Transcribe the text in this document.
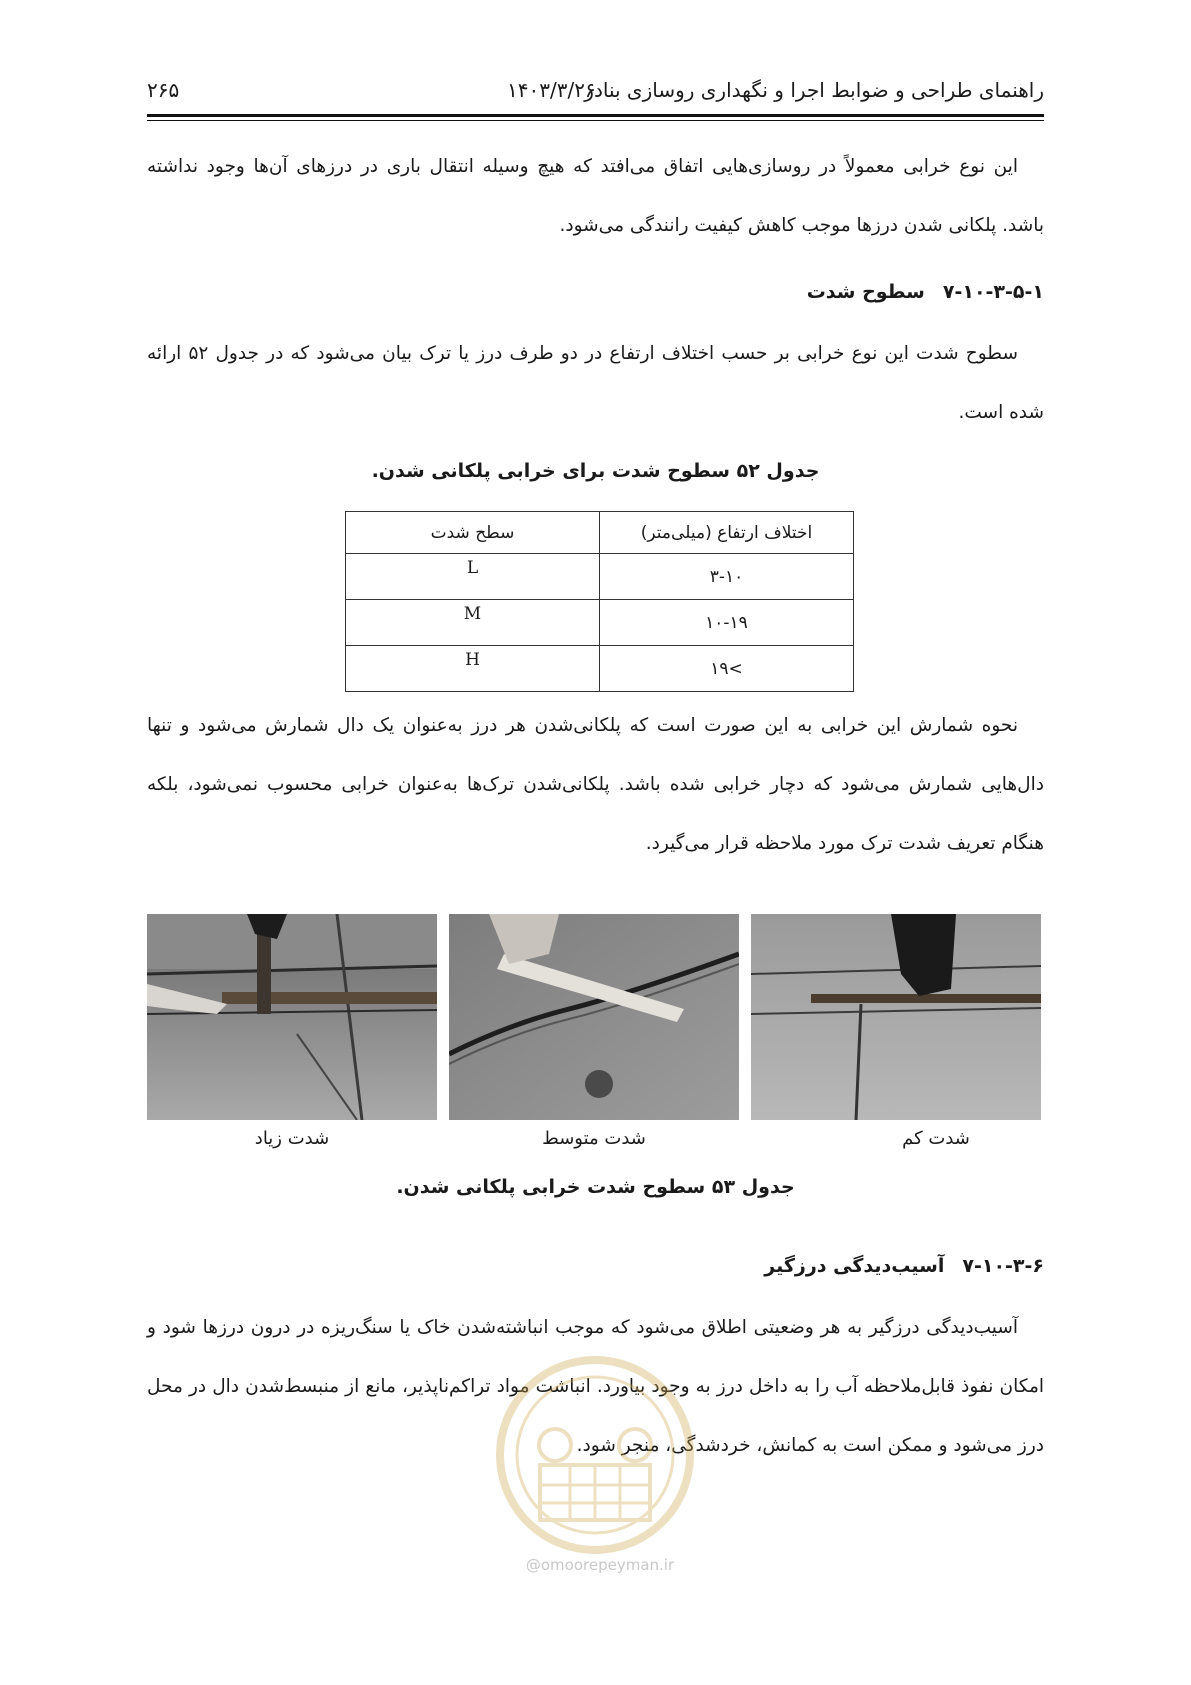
راهنمای طراحی و ضوابط اجرا و نگهداری روسازی بنادر
۱۴۰۳/۳/۲۶
۲۶۵
این نوع خرابی معمولاً در روسازی‌هایی اتفاق می‌افتد که هیچ وسیله انتقال باری در درزهای آن‌ها وجود نداشته باشد. پلکانی شدن درزها موجب کاهش کیفیت رانندگی می‌شود.
۷-۱۰-۳-۵-۱سطوح شدت
سطوح شدت این نوع خرابی بر حسب اختلاف ارتفاع در دو طرف درز یا ترک بیان می‌شود که در جدول ۵۲ ارائه شده است.
جدول ۵۲ سطوح شدت برای خرابی پلکانی شدن.
اختلاف ارتفاع (میلی‌متر)	سطح شدت
۳-۱۰	L
۱۰-۱۹	M
>۱۹	H
نحوه شمارش این خرابی به این صورت است که پلکانی‌شدن هر درز به‌عنوان یک دال شمارش می‌شود و تنها دال‌هایی شمارش می‌شود که دچار خرابی شده باشد. پلکانی‌شدن ترک‌ها به‌عنوان خرابی محسوب نمی‌شود، بلکه هنگام تعریف شدت ترک مورد ملاحظه قرار می‌گیرد.
شدت زیاد	شدت متوسط	شدت کم
جدول ۵۳ سطوح شدت خرابی پلکانی شدن.
۷-۱۰-۳-۶آسیب‌دیدگی درزگیر
آسیب‌دیدگی درزگیر به هر وضعیتی اطلاق می‌شود که موجب انباشته‌شدن خاک یا سنگ‌ریزه در درون درزها شود و امکان نفوذ قابل‌ملاحظه آب را به داخل درز به وجود بیاورد. انباشت مواد تراکم‌ناپذیر، مانع از منبسط‌شدن دال در محل درز می‌شود و ممکن است به کمانش، خردشدگی، منجر شود.
@omoorepeyman.ir
